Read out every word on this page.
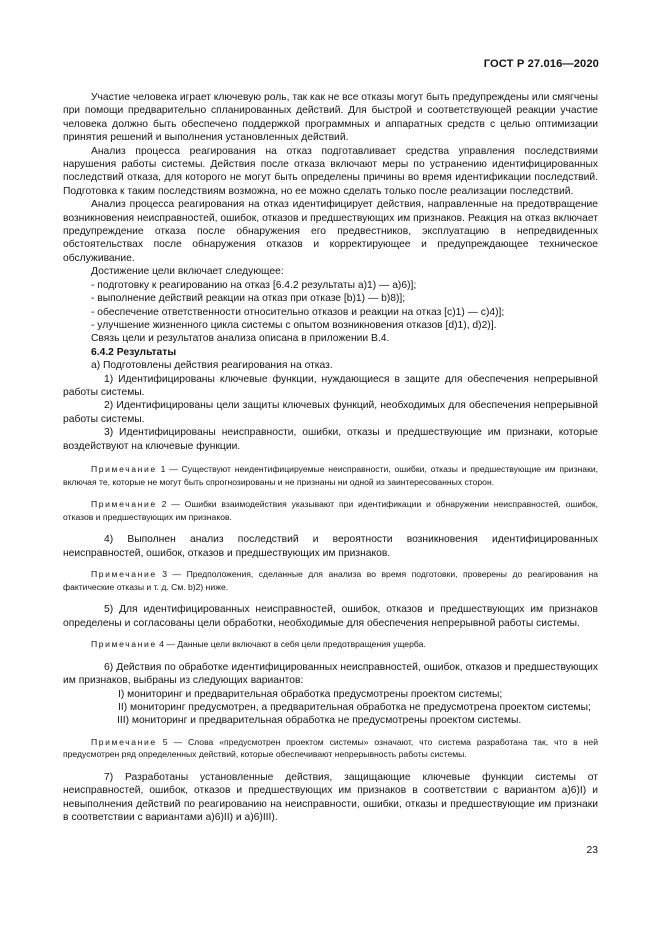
ГОСТ Р 27.016—2020

Участие человека играет ключевую роль, так как не все отказы могут быть предупреждены или смягчены при помощи предварительно спланированных действий. Для быстрой и соответствующей реакции участие человека должно быть обеспечено поддержкой программных и аппаратных средств с целью оптимизации принятия решений и выполнения установленных действий.

Анализ процесса реагирования на отказ подготавливает средства управления последствиями нарушения работы системы. Действия после отказа включают меры по устранению идентифицированных последствий отказа, для которого не могут быть определены причины во время идентификации последствий. Подготовка к таким последствиям возможна, но ее можно сделать только после реализации последствий.

Анализ процесса реагирования на отказ идентифицирует действия, направленные на предотвращение возникновения неисправностей, ошибок, отказов и предшествующих им признаков. Реакция на отказ включает предупреждение отказа после обнаружения его предвестников, эксплуатацию в непредвиденных обстоятельствах после обнаружения отказов и корректирующее и предупреждающее техническое обслуживание.

Достижение цели включает следующее:

- подготовку к реагированию на отказ [6.4.2 результаты а)1) — а)6)];

- выполнение действий реакции на отказ при отказе [b)1) — b)8)];

- обеспечение ответственности относительно отказов и реакции на отказ [с)1) — с)4)];

- улучшение жизненного цикла системы с опытом возникновения отказов [d)1), d)2)].

Связь цели и результатов анализа описана в приложении В.4.

6.4.2 Результаты

а) Подготовлены действия реагирования на отказ.

1) Идентифицированы ключевые функции, нуждающиеся в защите для обеспечения непрерывной работы системы.

2) Идентифицированы цели защиты ключевых функций, необходимых для обеспечения непрерывной работы системы.

3) Идентифицированы неисправности, ошибки, отказы и предшествующие им признаки, которые воздействуют на ключевые функции.

Примечание 1 — Существуют неидентифицируемые неисправности, ошибки, отказы и предшествующие им признаки, включая те, которые не могут быть спрогнозированы и не признаны ни одной из заинтересованных сторон.

Примечание 2 — Ошибки взаимодействия указывают при идентификации и обнаружении неисправностей, ошибок, отказов и предшествующих им признаков.

4) Выполнен анализ последствий и вероятности возникновения идентифицированных неисправностей, ошибок, отказов и предшествующих им признаков.

Примечание 3 — Предположения, сделанные для анализа во время подготовки, проверены до реагирования на фактические отказы и т. д. См. b)2) ниже.

5) Для идентифицированных неисправностей, ошибок, отказов и предшествующих им признаков определены и согласованы цели обработки, необходимые для обеспечения непрерывной работы системы.

Примечание 4 — Данные цели включают в себя цели предотвращения ущерба.

6) Действия по обработке идентифицированных неисправностей, ошибок, отказов и предшествующих им признаков, выбраны из следующих вариантов:

I) мониторинг и предварительная обработка предусмотрены проектом системы;

II) мониторинг предусмотрен, а предварительная обработка не предусмотрена проектом системы;

III) мониторинг и предварительная обработка не предусмотрены проектом системы.

Примечание 5 — Слова «предусмотрен проектом системы» означают, что система разработана так, что в ней предусмотрен ряд определенных действий, которые обеспечивают непрерывность работы системы.

7) Разработаны установленные действия, защищающие ключевые функции системы от неисправностей, ошибок, отказов и предшествующих им признаков в соответствии с вариантом а)6)I) и невыполнения действий по реагированию на неисправности, ошибки, отказы и предшествующие им признаки в соответствии с вариантами а)6)II) и а)6)III).

23
